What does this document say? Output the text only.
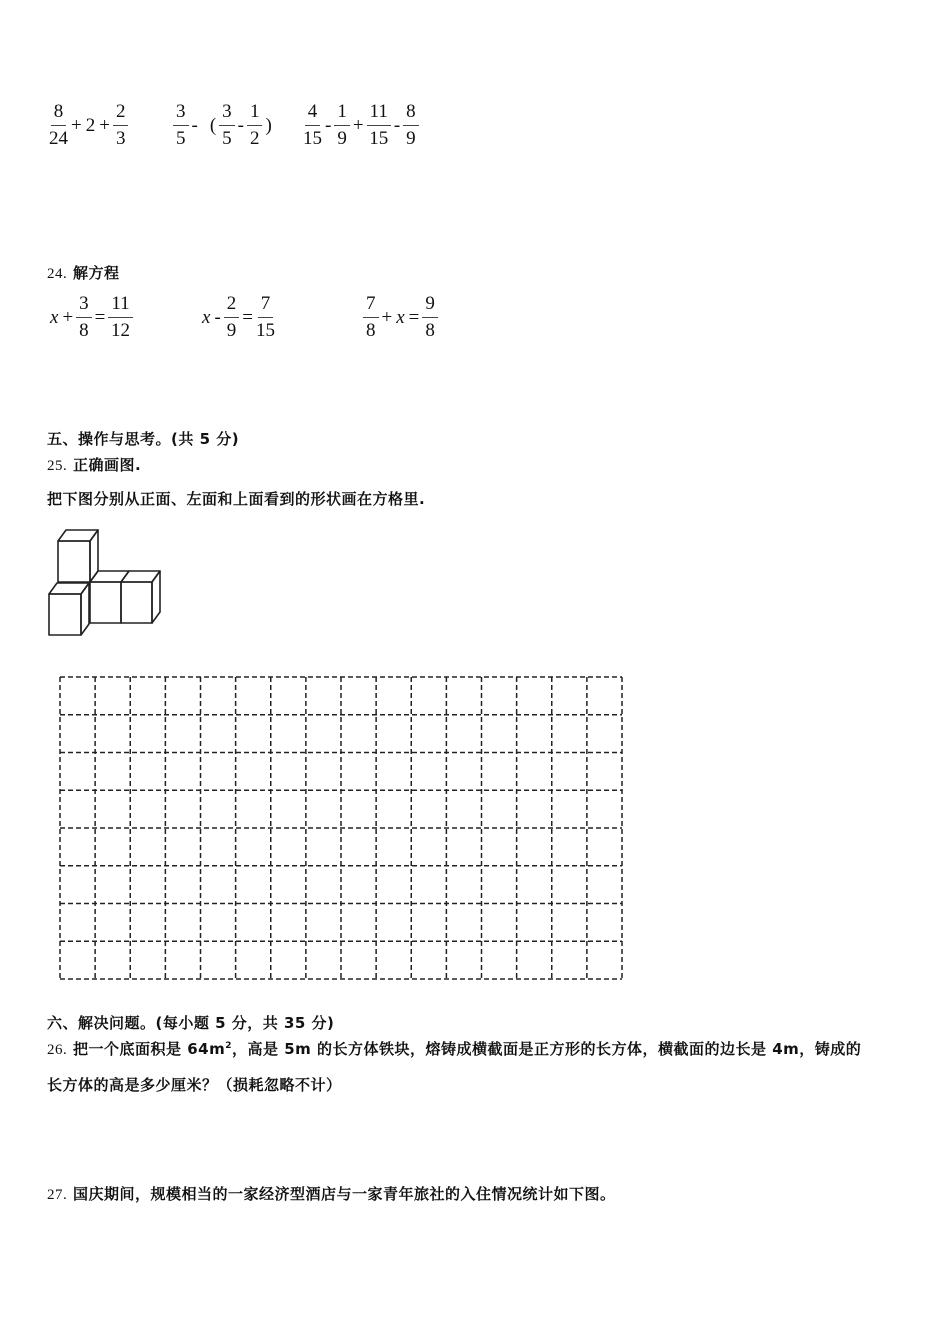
$\frac{8}{24} + 2 + \frac{2}{3} \frac{3}{5}$ - ( $\frac{3}{5} - \frac{1}{2}$ ) $\frac{4}{15} - \frac{1}{9} + \frac{11}{15} - \frac{8}{9}$
24. 解方程
$x + \frac{3}{8} = \frac{11}{12}$	$x - \frac{2}{9} = \frac{7}{15}$	$\frac{7}{8} + x = \frac{9}{8}$
五、操作与思考。(共 5 分)
25. 正确画图.
把下图分别从正面、左面和上面看到的形状画在方格里.
六、解决问题。(每小题 5 分，共 35 分)
26. 把一个底面积是 $64m^2$，高是 5m 的长方体铁块，熔铸成横截面是正方形的长方体，横截面的边长是 4m，铸成的
长方体的高是多少厘米？（损耗忽略不计）
27. 国庆期间，规模相当的一家经济型酒店与一家青年旅社的入住情况统计如下图。
